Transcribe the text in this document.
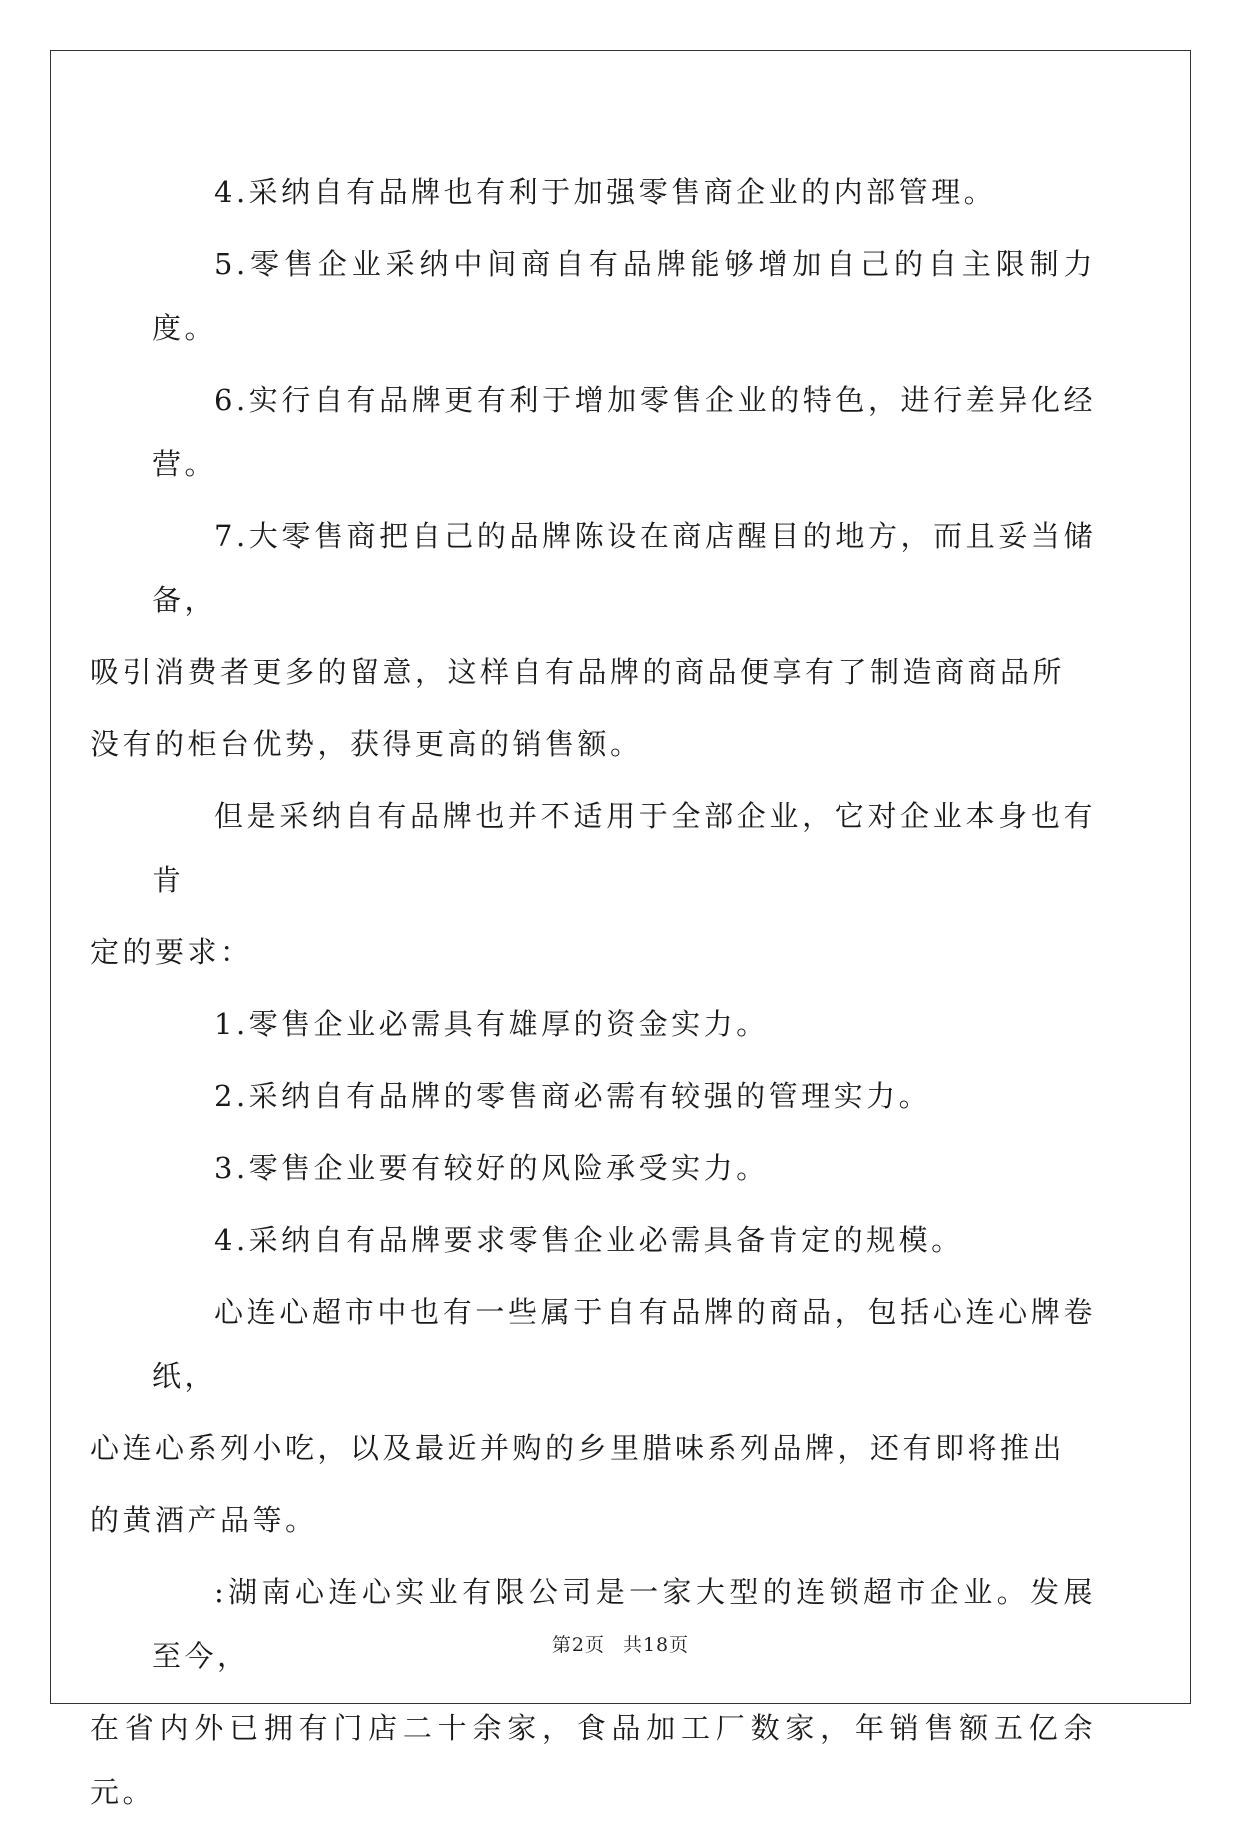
4.采纳自有品牌也有利于加强零售商企业的内部管理。

5.零售企业采纳中间商自有品牌能够增加自己的自主限制力度。

6.实行自有品牌更有利于增加零售企业的特色，进行差异化经营。

7.大零售商把自己的品牌陈设在商店醒目的地方，而且妥当储备，
吸引消费者更多的留意，这样自有品牌的商品便享有了制造商商品所
没有的柜台优势，获得更高的销售额。

但是采纳自有品牌也并不适用于全部企业，它对企业本身也有肯
定的要求：

1.零售企业必需具有雄厚的资金实力。

2.采纳自有品牌的零售商必需有较强的管理实力。

3.零售企业要有较好的风险承受实力。

4.采纳自有品牌要求零售企业必需具备肯定的规模。

心连心超市中也有一些属于自有品牌的商品，包括心连心牌卷纸，
心连心系列小吃，以及最近并购的乡里腊味系列品牌，还有即将推出
的黄酒产品等。

:湖南心连心实业有限公司是一家大型的连锁超市企业。发展至今，
在省内外已拥有门店二十余家，食品加工厂数家，年销售额五亿余元。

第2页 共18页
